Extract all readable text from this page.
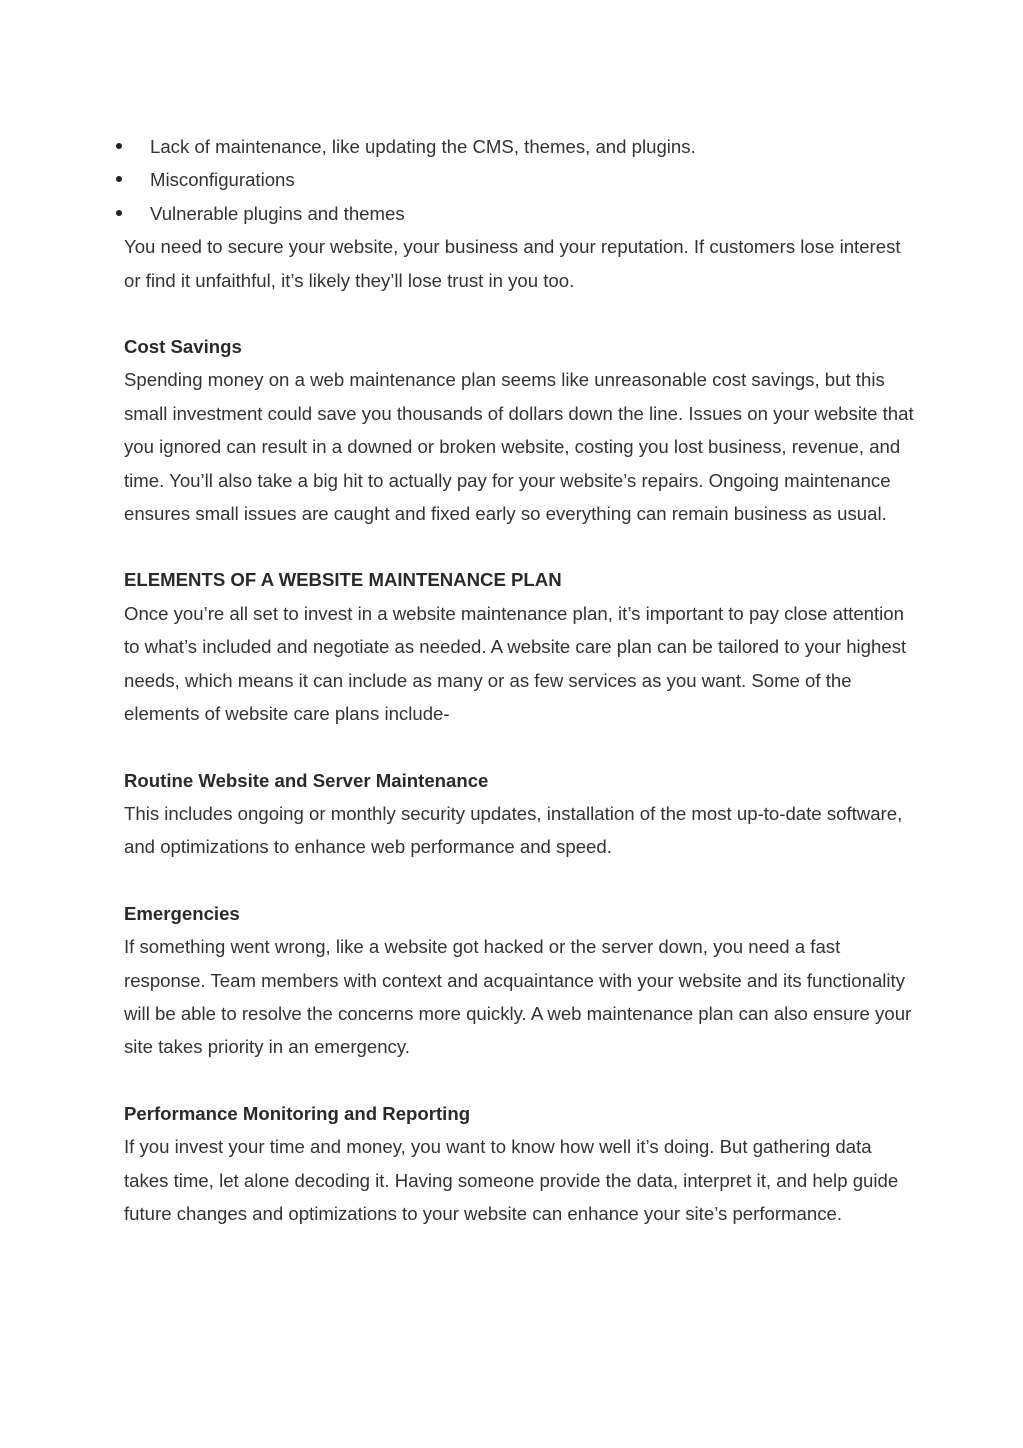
Lack of maintenance, like updating the CMS, themes, and plugins.
Misconfigurations
Vulnerable plugins and themes

You need to secure your website, your business and your reputation. If customers lose interest or find it unfaithful, it’s likely they’ll lose trust in you too.

Cost Savings

Spending money on a web maintenance plan seems like unreasonable cost savings, but this small investment could save you thousands of dollars down the line. Issues on your website that you ignored can result in a downed or broken website, costing you lost business, revenue, and time. You’ll also take a big hit to actually pay for your website’s repairs. Ongoing maintenance ensures small issues are caught and fixed early so everything can remain business as usual.

ELEMENTS OF A WEBSITE MAINTENANCE PLAN

Once you’re all set to invest in a website maintenance plan, it’s important to pay close attention to what’s included and negotiate as needed. A website care plan can be tailored to your highest needs, which means it can include as many or as few services as you want. Some of the elements of website care plans include-

Routine Website and Server Maintenance

This includes ongoing or monthly security updates, installation of the most up-to-date software, and optimizations to enhance web performance and speed.

Emergencies

If something went wrong, like a website got hacked or the server down, you need a fast response. Team members with context and acquaintance with your website and its functionality will be able to resolve the concerns more quickly. A web maintenance plan can also ensure your site takes priority in an emergency.

Performance Monitoring and Reporting

If you invest your time and money, you want to know how well it’s doing. But gathering data takes time, let alone decoding it. Having someone provide the data, interpret it, and help guide future changes and optimizations to your website can enhance your site’s performance.
